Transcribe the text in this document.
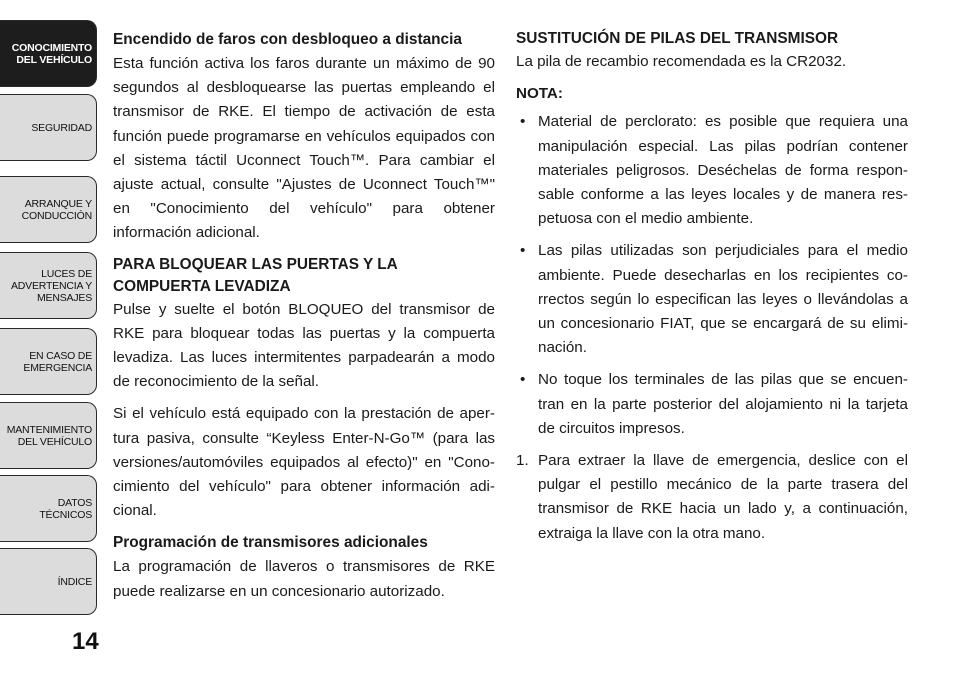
CONOCIMIENTO
DEL VEHÍCULO
SEGURIDAD
ARRANQUE Y
CONDUCCIÓN
LUCES DE
ADVERTENCIA Y
MENSAJES
EN CASO DE
EMERGENCIA
MANTENIMIENTO
DEL VEHÍCULO
DATOS
TÉCNICOS
ÍNDICE
14
Encendido de faros con desbloqueo a distancia

Esta función activa los faros durante un máximo de 90 segundos al desbloquearse las puertas empleando el transmisor de RKE. El tiempo de activación de esta función puede programarse en vehículos equipados con el sistema táctil Uconnect Touch™. Para cambiar el ajuste actual, consulte "Ajustes de Uconnect Touch™" en "Conocimiento del vehículo" para obtener información adicional.

PARA BLOQUEAR LAS PUERTAS Y LA COMPUERTA LEVADIZA

Pulse y suelte el botón BLOQUEO del transmisor de RKE para bloquear todas las puertas y la compuerta levadiza. Las luces intermitentes parpadearán a modo de reconocimiento de la señal.

Si el vehículo está equipado con la prestación de aper-tura pasiva, consulte “Keyless Enter-N-Go™ (para las versiones/automóviles equipados al efecto)" en "Cono-cimiento del vehículo" para obtener información adi-cional.

Programación de transmisores adicionales

La programación de llaveros o transmisores de RKE puede realizarse en un concesionario autorizado.

SUSTITUCIÓN DE PILAS DEL TRANSMISOR

La pila de recambio recomendada es la CR2032.

NOTA:
• Material de perclorato: es posible que requiera una manipulación especial. Las pilas podrían contener materiales peligrosos. Deséchelas de forma respon-sable conforme a las leyes locales y de manera res-petuosa con el medio ambiente.
• Las pilas utilizadas son perjudiciales para el medio ambiente. Puede desecharlas en los recipientes co-rrectos según lo especifican las leyes o llevándolas a un concesionario FIAT, que se encargará de su elimi-nación.
• No toque los terminales de las pilas que se encuen-tran en la parte posterior del alojamiento ni la tarjeta de circuitos impresos.
1. Para extraer la llave de emergencia, deslice con el pulgar el pestillo mecánico de la parte trasera del transmisor de RKE hacia un lado y, a continuación, extraiga la llave con la otra mano.
